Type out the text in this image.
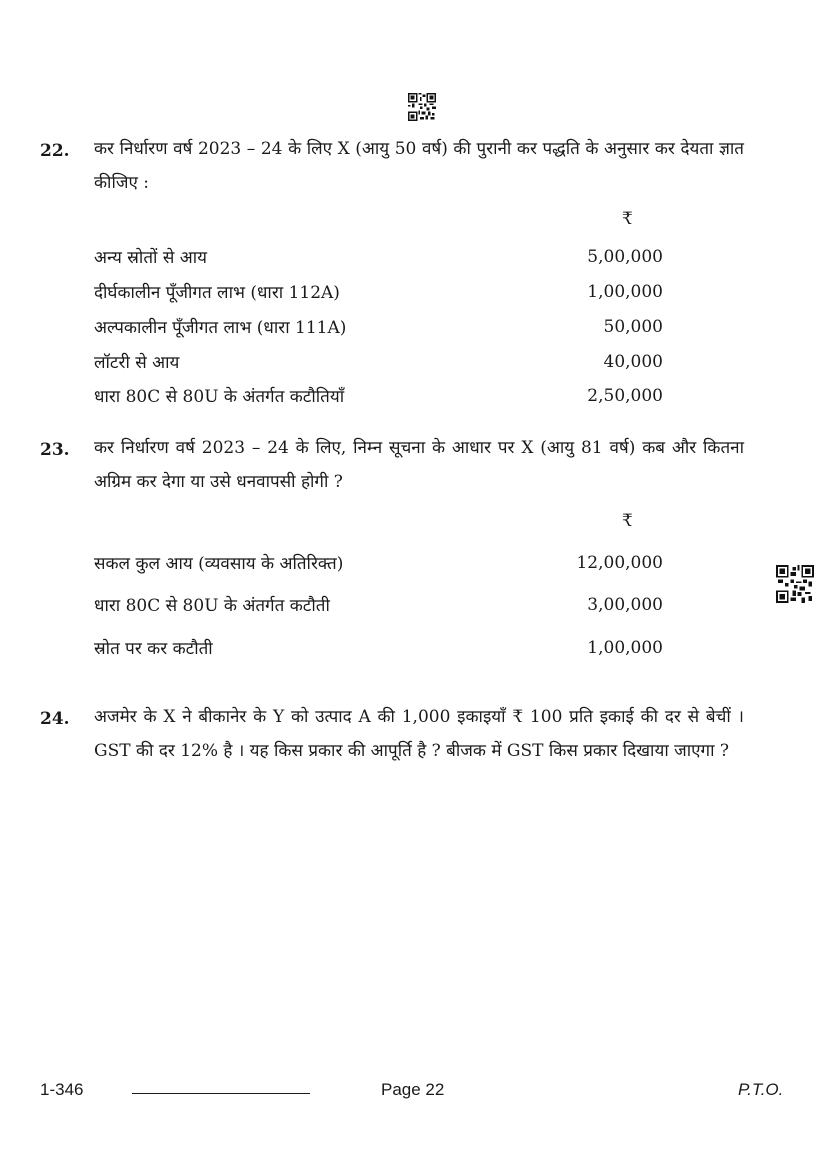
22. कर निर्धारण वर्ष 2023 – 24 के लिए X (आयु 50 वर्ष) की पुरानी कर पद्धति के अनुसार कर देयता ज्ञात कीजिए :
₹
अन्य स्रोतों से आय	5,00,000
दीर्घकालीन पूँजीगत लाभ (धारा 112A)	1,00,000
अल्पकालीन पूँजीगत लाभ (धारा 111A)	50,000
लॉटरी से आय	40,000
धारा 80C से 80U के अंतर्गत कटौतियाँ	2,50,000
23. कर निर्धारण वर्ष 2023 – 24 के लिए, निम्न सूचना के आधार पर X (आयु 81 वर्ष) कब और कितना अग्रिम कर देगा या उसे धनवापसी होगी ?
₹
सकल कुल आय (व्यवसाय के अतिरिक्त)	12,00,000
धारा 80C से 80U के अंतर्गत कटौती	3,00,000
स्रोत पर कर कटौती	1,00,000
24. अजमेर के X ने बीकानेर के Y को उत्पाद A की 1,000 इकाइयाँ ₹ 100 प्रति इकाई की दर से बेचीं । GST की दर 12% है । यह किस प्रकार की आपूर्ति है ? बीजक में GST किस प्रकार दिखाया जाएगा ?
1-346	Page 22	P.T.O.
